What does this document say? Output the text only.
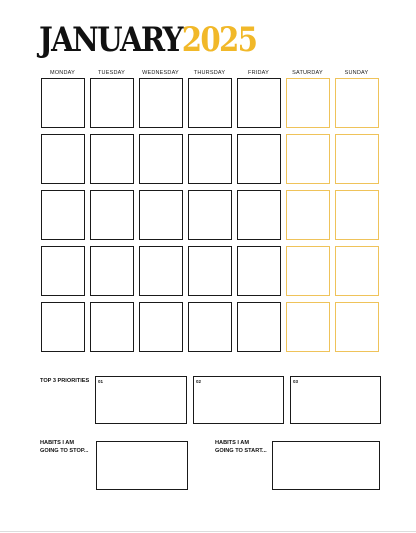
JANUARY2025
MONDAY	TUESDAY	WEDNESDAY	THURSDAY	FRIDAY	SATURDAY	SUNDAY
TOP 3 PRIORITIES 01	02	03
HABITS I AM
GOING TO STOP...
HABITS I AM
GOING TO START...
